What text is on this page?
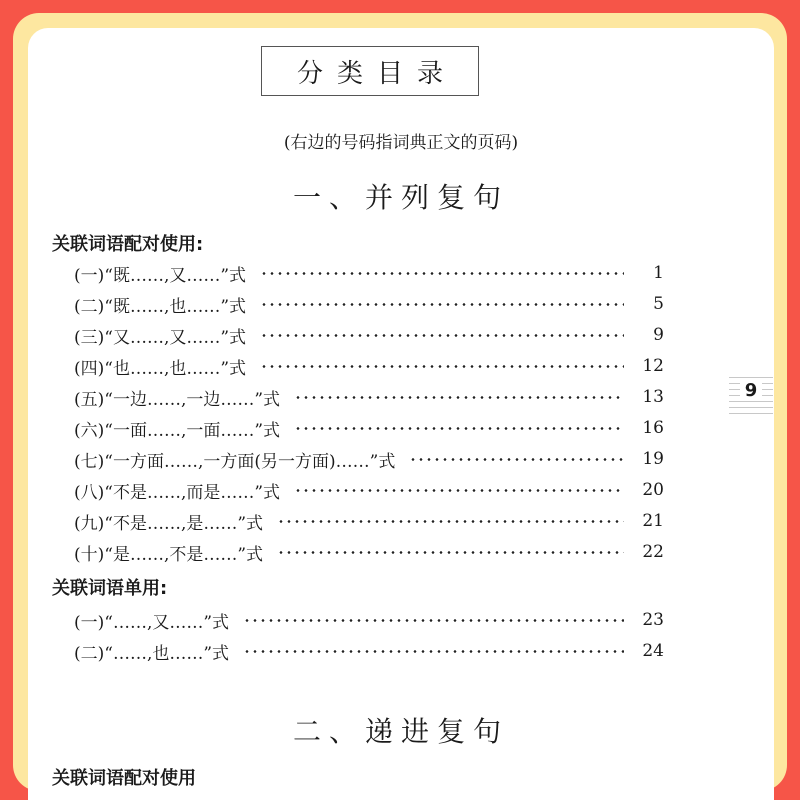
分类目录
(右边的号码指词典正文的页码)
一、并列复句
关联词语配对使用:
(一)“既……,又……”式	1
(二)“既……,也……”式	5
(三)“又……,又……”式	9
(四)“也……,也……”式	12
(五)“一边……,一边……”式	13
(六)“一面……,一面……”式	16
(七)“一方面……,一方面(另一方面)……”式	19
(八)“不是……,而是……”式	20
(九)“不是……,是……”式	21
(十)“是……,不是……”式	22
关联词语单用:
(一)“……,又……”式	23
(二)“……,也……”式	24
二、递进复句
关联词语配对使用
9
